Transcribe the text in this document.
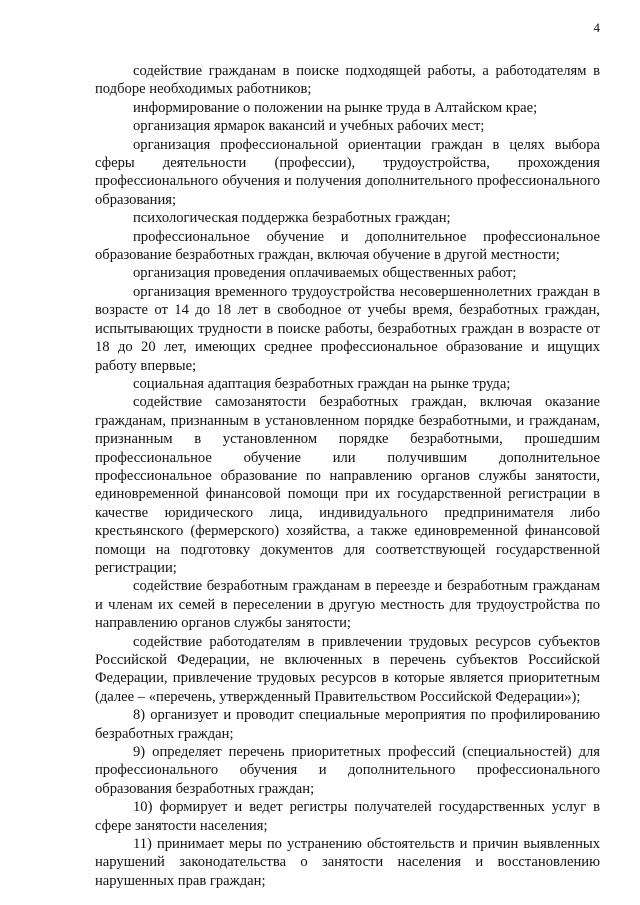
4

содействие гражданам в поиске подходящей работы, а работодателям в подборе необходимых работников;

информирование о положении на рынке труда в Алтайском крае;

организация ярмарок вакансий и учебных рабочих мест;

организация профессиональной ориентации граждан в целях выбора сферы деятельности (профессии), трудоустройства, прохождения профессионального обучения и получения дополнительного профессионального образования;

психологическая поддержка безработных граждан;

профессиональное обучение и дополнительное профессиональное образование безработных граждан, включая обучение в другой местности;

организация проведения оплачиваемых общественных работ;

организация временного трудоустройства несовершеннолетних граждан в возрасте от 14 до 18 лет в свободное от учебы время, безработных граждан, испытывающих трудности в поиске работы, безработных граждан в возрасте от 18 до 20 лет, имеющих среднее профессиональное образование и ищущих работу впервые;

социальная адаптация безработных граждан на рынке труда;

содействие самозанятости безработных граждан, включая оказание гражданам, признанным в установленном порядке безработными, и гражданам, признанным в установленном порядке безработными, прошедшим профессиональное обучение или получившим дополнительное профессиональное образование по направлению органов службы занятости, единовременной финансовой помощи при их государственной регистрации в качестве юридического лица, индивидуального предпринимателя либо крестьянского (фермерского) хозяйства, а также единовременной финансовой помощи на подготовку документов для соответствующей государственной регистрации;

содействие безработным гражданам в переезде и безработным гражданам и членам их семей в переселении в другую местность для трудоустройства по направлению органов службы занятости;

содействие работодателям в привлечении трудовых ресурсов субъектов Российской Федерации, не включенных в перечень субъектов Российской Федерации, привлечение трудовых ресурсов в которые является приоритетным (далее – «перечень, утвержденный Правительством Российской Федерации»);

8) организует и проводит специальные мероприятия по профилированию безработных граждан;

9) определяет перечень приоритетных профессий (специальностей) для профессионального обучения и дополнительного профессионального образования безработных граждан;

10) формирует и ведет регистры получателей государственных услуг в сфере занятости населения;

11) принимает меры по устранению обстоятельств и причин выявленных нарушений законодательства о занятости населения и восстановлению нарушенных прав граждан;
